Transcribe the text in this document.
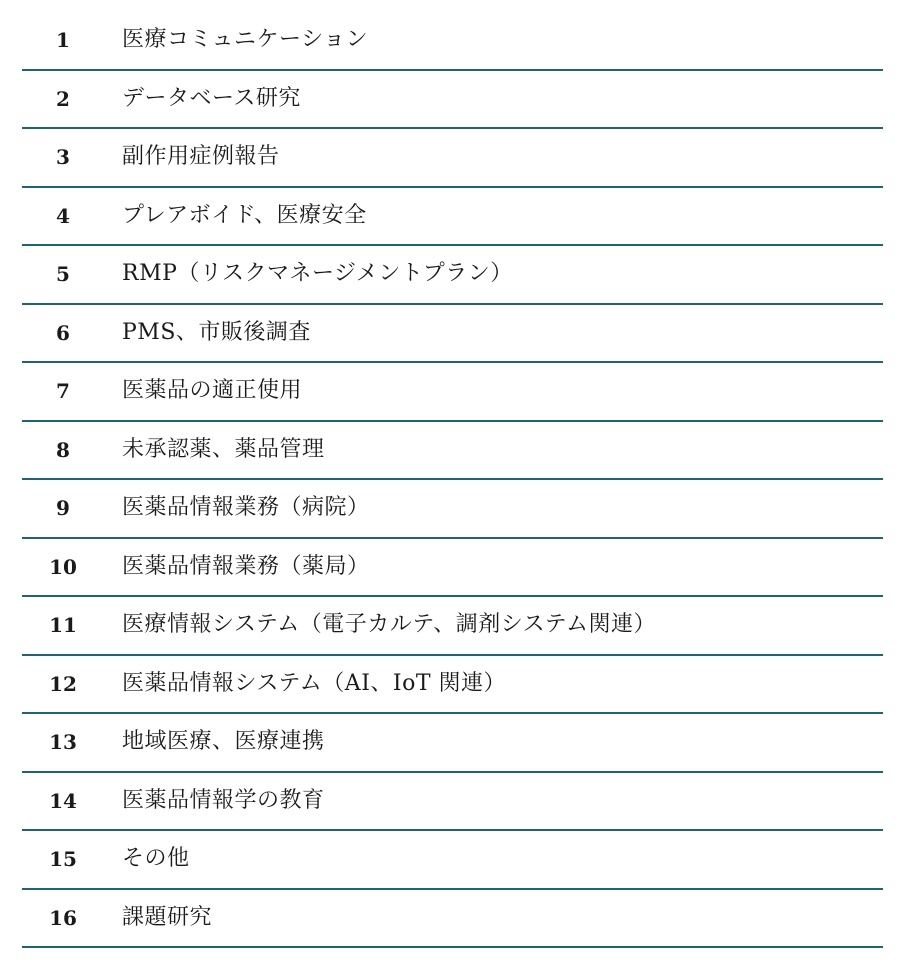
1	医療コミュニケーション
2	データベース研究
3	副作用症例報告
4	プレアボイド、医療安全
5	RMP（リスクマネージメントプラン）
6	PMS、市販後調査
7	医薬品の適正使用
8	未承認薬、薬品管理
9	医薬品情報業務（病院）
10 医薬品情報業務（薬局）
11 医療情報システム（電子カルテ、調剤システム関連）
12 医薬品情報システム（AI、IoT 関連）
13 地域医療、医療連携
14 医薬品情報学の教育
15 その他
16 課題研究
